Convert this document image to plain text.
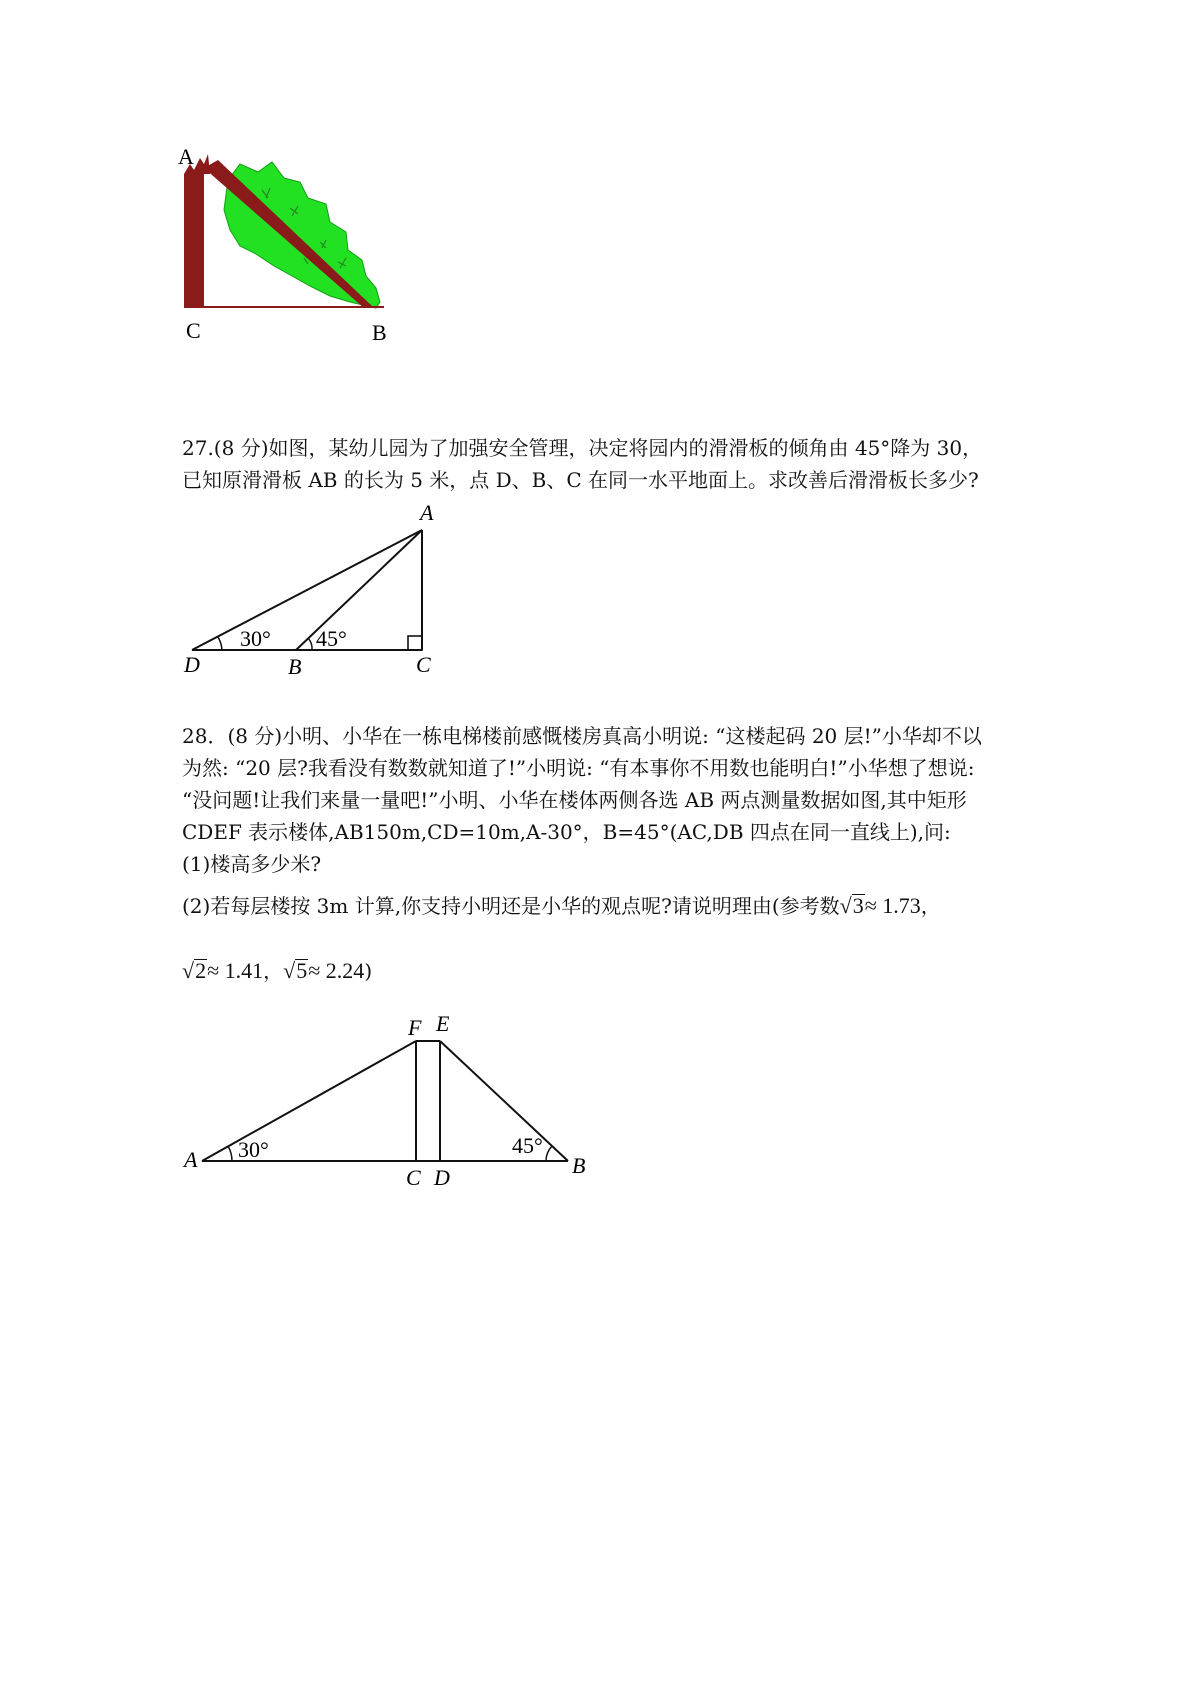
A
C	B

27.(8 分)如图，某幼儿园为了加强安全管理，决定将园内的滑滑板的倾角由 45°降为 30，

已知原滑滑板 AB 的长为 5 米，点 D、B、C 在同一水平地面上。求改善后滑滑板长多少?

A
D	B	C
30° 45°

28．(8 分)小明、小华在一栋电梯楼前感慨楼房真高小明说: “这楼起码 20 层!”小华却不以

为然: “20 层?我看没有数数就知道了!”小明说: “有本事你不用数也能明白!”小华想了想说:

“没问题!让我们来量一量吧!”小明、小华在楼体两侧各选 AB 两点测量数据如图,其中矩形

CDEF 表示楼体,AB150m,CD=10m,A-30°，B=45°(AC,DB 四点在同一直线上),问:

(1)楼高多少米?

(2)若每层楼按 3m 计算,你支持小明还是小华的观点呢?请说明理由(参考数√3≈ 1.73，

√2≈ 1.41，√5≈ 2.24)

F E
A
C D	B
30°	45°
